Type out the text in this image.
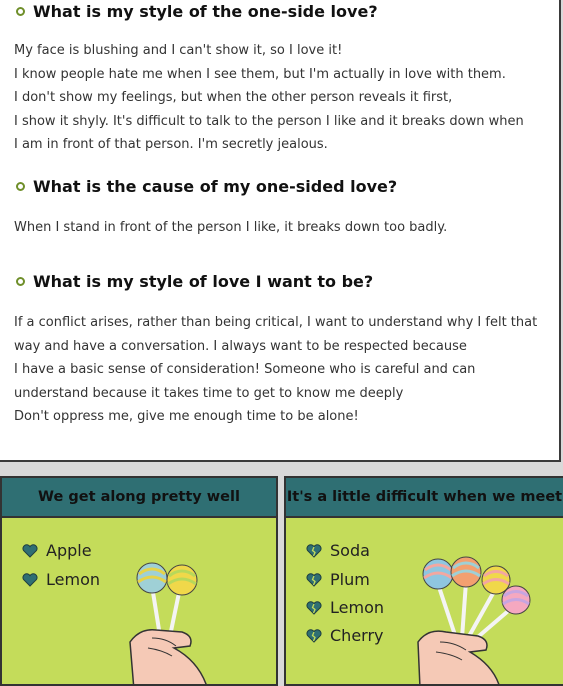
What is my style of the one-side love?
My face is blushing and I can't show it, so I love it!
I know people hate me when I see them, but I'm actually in love with them.
I don't show my feelings, but when the other person reveals it first,
I show it shyly. It's difficult to talk to the person I like and it breaks down when
I am in front of that person. I'm secretly jealous.
What is the cause of my one-sided love?
When I stand in front of the person I like, it breaks down too badly.
What is my style of love I want to be?
If a conflict arises, rather than being critical, I want to understand why I felt that
way and have a conversation. I always want to be respected because
I have a basic sense of consideration! Someone who is careful and can
understand because it takes time to get to know me deeply
Don't oppress me, give me enough time to be alone!
We get along pretty well
Apple
Lemon
It's a little difficult when we meet
Soda
Plum
Lemon
Cherry
